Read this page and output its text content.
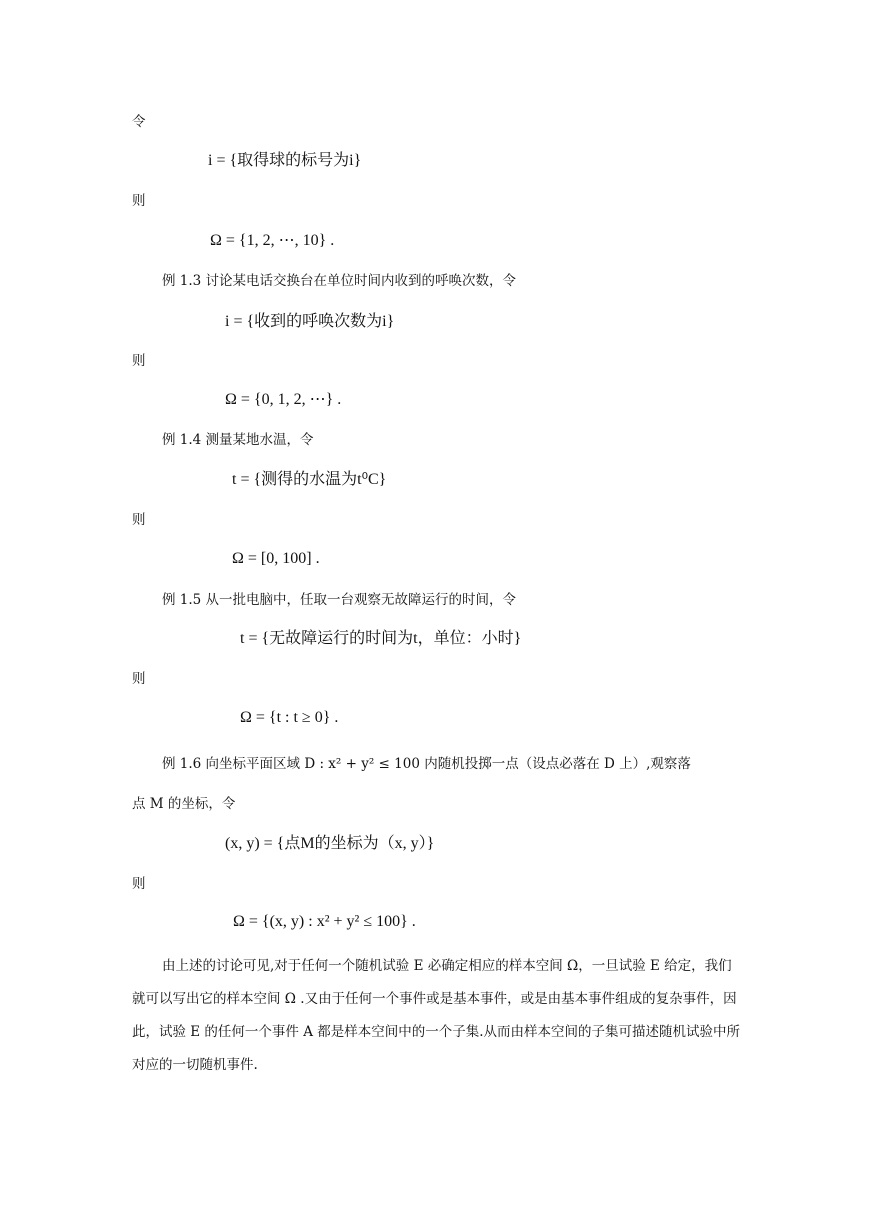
令
i = {取得球的标号为i}
则
Ω = {1, 2, ⋯, 10} .
例 1.3 讨论某电话交换台在单位时间内收到的呼唤次数，令
i = {收到的呼唤次数为i}
则
Ω = {0, 1, 2, ⋯} .
例 1.4 测量某地水温，令
t = {测得的水温为t⁰C}
则
Ω = [0, 100] .
例 1.5 从一批电脑中，任取一台观察无故障运行的时间，令
t = {无故障运行的时间为t，单位：小时}
则
Ω = {t : t ≥ 0} .
例 1.6 向坐标平面区域 D : x² + y² ≤ 100 内随机投掷一点（设点必落在 D 上）,观察落
点 M 的坐标，令
(x, y) = {点M的坐标为（x, y）}
则
Ω = {(x, y) : x² + y² ≤ 100} .
由上述的讨论可见,对于任何一个随机试验 E 必确定相应的样本空间 Ω，一旦试验 E 给定，我们就可以写出它的样本空间 Ω .又由于任何一个事件或是基本事件，或是由基本事件组成的复杂事件，因此，试验 E 的任何一个事件 A 都是样本空间中的一个子集.从而由样本空间的子集可描述随机试验中所对应的一切随机事件.
